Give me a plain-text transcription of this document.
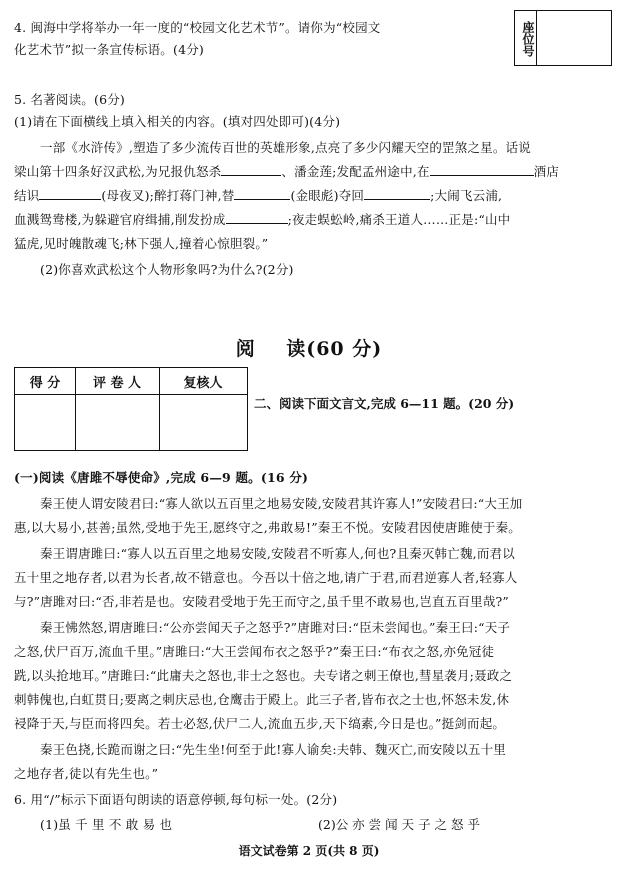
座位号
4. 闽海中学将举办一年一度的“校园文化艺术节”。请你为“校园文
化艺术节”拟一条宣传标语。(4分)
5. 名著阅读。(6分)
(1)请在下面横线上填入相关的内容。(填对四处即可)(4分)
一部《水浒传》,塑造了多少流传百世的英雄形象,点亮了多少闪耀天空的罡煞之星。话说
梁山第十四条好汉武松,为兄报仇怒杀	、潘金莲;发配孟州途中,在	酒店
结识	(母夜叉);醉打蒋门神,替	(金眼彪)夺回	;大闹飞云浦,
血溅鸳鸯楼,为躲避官府缉捕,削发扮成	;夜走蜈蚣岭,痛杀王道人……正是:“山中
猛虎,见时魄散魂飞;林下强人,撞着心惊胆裂。”
(2)你喜欢武松这个人物形象吗?为什么?(2分)
阅    读(60 分)
得 分	评 卷 人	复核人
二、阅读下面文言文,完成 6—11 题。(20 分)
(一)阅读《唐雎不辱使命》,完成 6—9 题。(16 分)
秦王使人谓安陵君曰:“寡人欲以五百里之地易安陵,安陵君其许寡人!”安陵君曰:“大王加
惠,以大易小,甚善;虽然,受地于先王,愿终守之,弗敢易!”秦王不悦。安陵君因使唐雎使于秦。
秦王谓唐雎曰:“寡人以五百里之地易安陵,安陵君不听寡人,何也?且秦灭韩亡魏,而君以
五十里之地存者,以君为长者,故不错意也。今吾以十倍之地,请广于君,而君逆寡人者,轻寡人
与?”唐雎对曰:“否,非若是也。安陵君受地于先王而守之,虽千里不敢易也,岂直五百里哉?”
秦王怫然怒,谓唐雎曰:“公亦尝闻天子之怒乎?”唐雎对曰:“臣未尝闻也。”秦王曰:“天子
之怒,伏尸百万,流血千里。”唐雎曰:“大王尝闻布衣之怒乎?”秦王曰:“布衣之怒,亦免冠徒
跣,以头抢地耳。”唐雎曰:“此庸夫之怒也,非士之怒也。夫专诸之刺王僚也,彗星袭月;聂政之
刺韩傀也,白虹贯日;要离之刺庆忌也,仓鹰击于殿上。此三子者,皆布衣之士也,怀怒未发,休
祲降于天,与臣而将四矣。若士必怒,伏尸二人,流血五步,天下缟素,今日是也。”挺剑而起。
秦王色挠,长跪而谢之曰:“先生坐!何至于此!寡人谕矣:夫韩、魏灭亡,而安陵以五十里
之地存者,徒以有先生也。”
6. 用“/”标示下面语句朗读的语意停顿,每句标一处。(2分)
(1)虽 千 里 不 敢 易 也	(2)公 亦 尝 闻 天 子 之 怒 乎
语文试卷第 2 页(共 8 页)
